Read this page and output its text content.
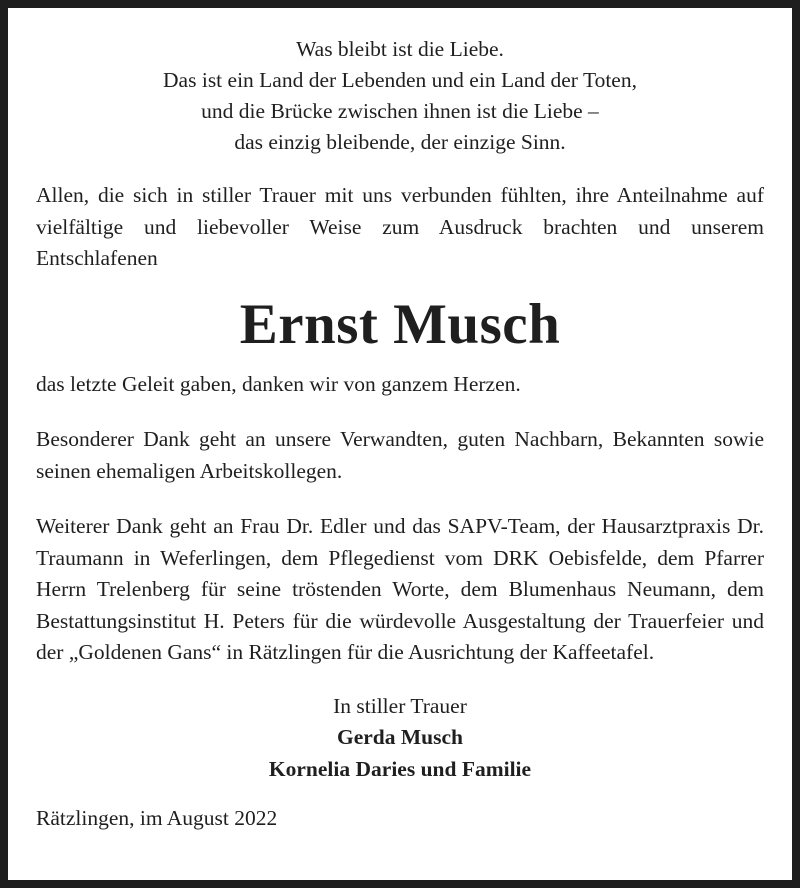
Was bleibt ist die Liebe.
Das ist ein Land der Lebenden und ein Land der Toten,
und die Brücke zwischen ihnen ist die Liebe –
das einzig bleibende, der einzige Sinn.

Allen, die sich in stiller Trauer mit uns verbunden fühlten, ihre Anteilnahme auf vielfältige und liebevoller Weise zum Ausdruck brachten und unserem Entschlafenen

Ernst Musch

das letzte Geleit gaben, danken wir von ganzem Herzen.

Besonderer Dank geht an unsere Verwandten, guten Nachbarn, Bekannten sowie seinen ehemaligen Arbeitskollegen.

Weiterer Dank geht an Frau Dr. Edler und das SAPV-Team, der Hausarztpraxis Dr. Traumann in Weferlingen, dem Pflegedienst vom DRK Oebisfelde, dem Pfarrer Herrn Trelenberg für seine tröstenden Worte, dem Blumenhaus Neumann, dem Bestattungsinstitut H. Peters für die würdevolle Ausgestaltung der Trauerfeier und der „Goldenen Gans“ in Rätzlingen für die Ausrichtung der Kaffeetafel.

In stiller Trauer
Gerda Musch
Kornelia Daries und Familie
Rätzlingen, im August 2022
